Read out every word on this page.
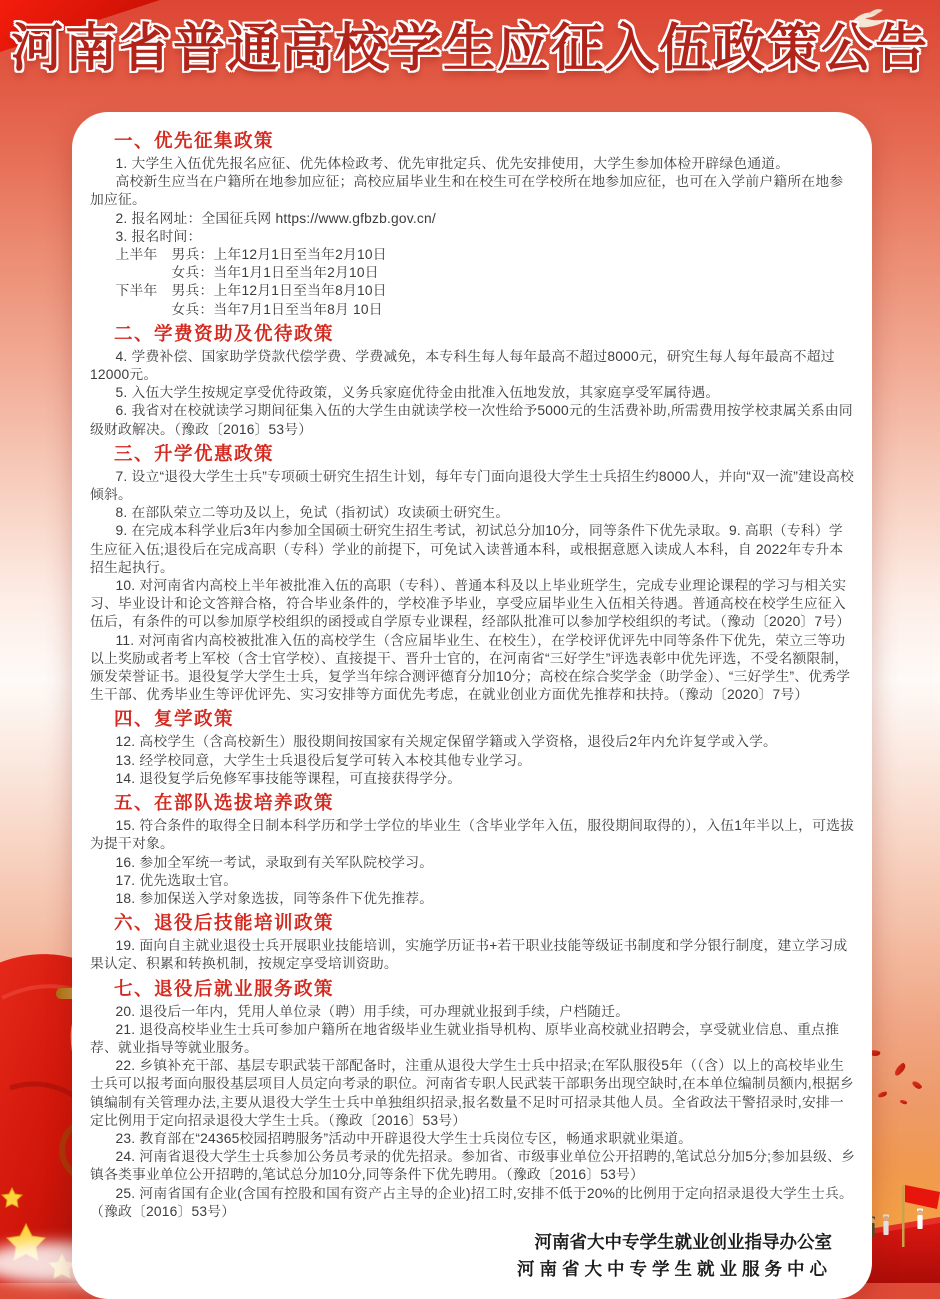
河南省普通高校学生应征入伍政策公告
一、优先征集政策

1. 大学生入伍优先报名应征、优先体检政考、优先审批定兵、优先安排使用，大学生参加体检开辟绿色通道。

高校新生应当在户籍所在地参加应征；高校应届毕业生和在校生可在学校所在地参加应征，也可在入学前户籍所在地参加应征。

2. 报名网址：全国征兵网 https://www.gfbzb.gov.cn/

3. 报名时间：

上半年　男兵：上年12月1日至当年2月10日

女兵：当年1月1日至当年2月10日

下半年　男兵：上年12月1日至当年8月10日

女兵：当年7月1日至当年8月 10日

二、学费资助及优待政策

4. 学费补偿、国家助学贷款代偿学费、学费减免，本专科生每人每年最高不超过8000元，研究生每人每年最高不超过12000元。

5. 入伍大学生按规定享受优待政策，义务兵家庭优待金由批准入伍地发放，其家庭享受军属待遇。

6. 我省对在校就读学习期间征集入伍的大学生由就读学校一次性给予5000元的生活费补助,所需费用按学校隶属关系由同级财政解决。（豫政〔2016〕53号）

三、升学优惠政策

7. 设立“退役大学生士兵”专项硕士研究生招生计划，每年专门面向退役大学生士兵招生约8000人，并向“双一流”建设高校倾斜。

8. 在部队荣立二等功及以上，免试（指初试）攻读硕士研究生。

9. 在完成本科学业后3年内参加全国硕士研究生招生考试，初试总分加10分，同等条件下优先录取。9. 高职（专科）学生应征入伍;退役后在完成高职（专科）学业的前提下，可免试入读普通本科，或根据意愿入读成人本科，自 2022年专升本招生起执行。

10. 对河南省内高校上半年被批准入伍的高职（专科）、普通本科及以上毕业班学生，完成专业理论课程的学习与相关实习、毕业设计和论文答辩合格，符合毕业条件的，学校准予毕业，享受应届毕业生入伍相关待遇。普通高校在校学生应征入伍后，有条件的可以参加原学校组织的函授或自学原专业课程，经部队批准可以参加学校组织的考试。（豫动〔2020〕7号）

11. 对河南省内高校被批准入伍的高校学生（含应届毕业生、在校生），在学校评优评先中同等条件下优先，荣立三等功以上奖励或者考上军校（含士官学校）、直接提干、晋升士官的，在河南省“三好学生”评选表彰中优先评选，不受名额限制，颁发荣誉证书。退役复学大学生士兵，复学当年综合测评德育分加10分；高校在综合奖学金（助学金）、“三好学生”、优秀学生干部、优秀毕业生等评优评先、实习安排等方面优先考虑，在就业创业方面优先推荐和扶持。（豫动〔2020〕7号）

四、复学政策

12. 高校学生（含高校新生）服役期间按国家有关规定保留学籍或入学资格，退役后2年内允许复学或入学。

13. 经学校同意，大学生士兵退役后复学可转入本校其他专业学习。

14. 退役复学后免修军事技能等课程，可直接获得学分。

五、在部队选拔培养政策

15. 符合条件的取得全日制本科学历和学士学位的毕业生（含毕业学年入伍，服役期间取得的），入伍1年半以上，可选拔为提干对象。

16. 参加全军统一考试，录取到有关军队院校学习。

17. 优先选取士官。

18. 参加保送入学对象选拔，同等条件下优先推荐。

六、退役后技能培训政策

19. 面向自主就业退役士兵开展职业技能培训，实施学历证书+若干职业技能等级证书制度和学分银行制度，建立学习成果认定、积累和转换机制，按规定享受培训资助。

七、退役后就业服务政策

20. 退役后一年内，凭用人单位录（聘）用手续，可办理就业报到手续，户档随迁。

21. 退役高校毕业生士兵可参加户籍所在地省级毕业生就业指导机构、原毕业高校就业招聘会，享受就业信息、重点推荐、就业指导等就业服务。

22. 乡镇补充干部、基层专职武装干部配备时，注重从退役大学生士兵中招录;在军队服役5年（（含）以上的高校毕业生士兵可以报考面向服役基层项目人员定向考录的职位。河南省专职人民武装干部职务出现空缺时,在本单位编制员额内,根据乡镇编制有关管理办法,主要从退役大学生士兵中单独组织招录,报名数量不足时可招录其他人员。全省政法干警招录时,安排一定比例用于定向招录退役大学生士兵。（豫政〔2016〕53号）

23. 教育部在“24365校园招聘服务”活动中开辟退役大学生士兵岗位专区，畅通求职就业渠道。

24. 河南省退役大学生士兵参加公务员考录的优先招录。参加省、市级事业单位公开招聘的,笔试总分加5分;参加县级、乡镇各类事业单位公开招聘的,笔试总分加10分,同等条件下优先聘用。（豫政〔2016〕53号）

25. 河南省国有企业(含国有控股和国有资产占主导的企业)招工时,安排不低于20%的比例用于定向招录退役大学生士兵。（豫政〔2016〕53号）

河南省大中专学生就业创业指导办公室
河南省大中专学生就业服务中心
